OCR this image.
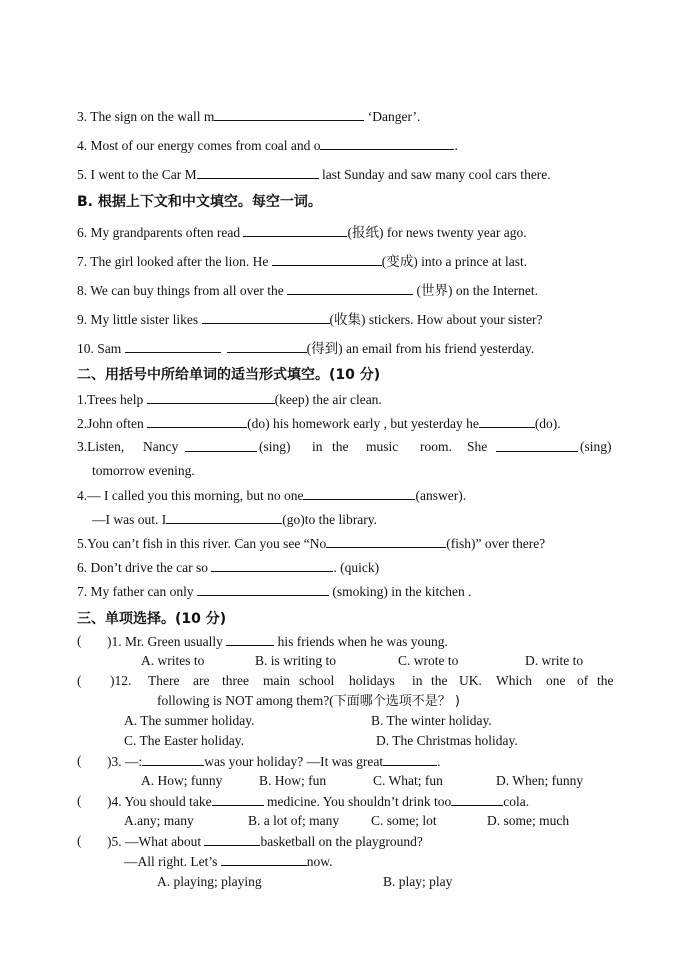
3. The sign on the wall m	‘Danger’.
4. Most of our energy comes from coal and o	.
5. I went to the Car M	last Sunday and saw many cool cars there.
B. 根据上下文和中文填空。每空一词。
6. My grandparents often read	(报纸) for news twenty year ago.
7. The girl looked after the lion. He	(变成) into a prince at last.
8. We can buy things from all over the	(世界) on the Internet.
9. My little sister likes	(收集) stickers. How about your sister?
10. Sam	(得到) an email from his friend yesterday.
二、用括号中所给单词的适当形式填空。(10 分)
1.Trees help	(keep) the air clean.
2.John often	(do) his homework early , but yesterday he	(do).
3.Listen, Nancy	(sing) in the music room. She	(sing)
tomorrow evening.
4.— I called you this morning, but no one	(answer).
—I was out. I	(go)to the library.
5.You can’t fish in this river. Can you see “No	(fish)” over there?
6. Don’t drive the car so	. (quick)
7. My father can only	(smoking) in the kitchen .
三、单项选择。(10 分)
( )1. Mr. Green usually	his friends when he was young.
A. writes to	B. is writing to	C. wrote to	D. write to
( )12. There are three main school holidays in the UK. Which one of the
following is NOT among them?(下面哪个选项不是？ )
A. The summer holiday.	B. The winter holiday.
C. The Easter holiday.	D. The Christmas holiday.
( )3. —:	was your holiday? —It was great	.
A. How; funny	B. How; fun	C. What; fun	D. When; funny
( )4. You should take	medicine. You shouldn’t drink too	cola.
A.any; many	B. a lot of; many C. some; lot	D. some; much
( )5. —What about	basketball on the playground?
—All right. Let’s	now.
A. playing; playing	B. play; play
